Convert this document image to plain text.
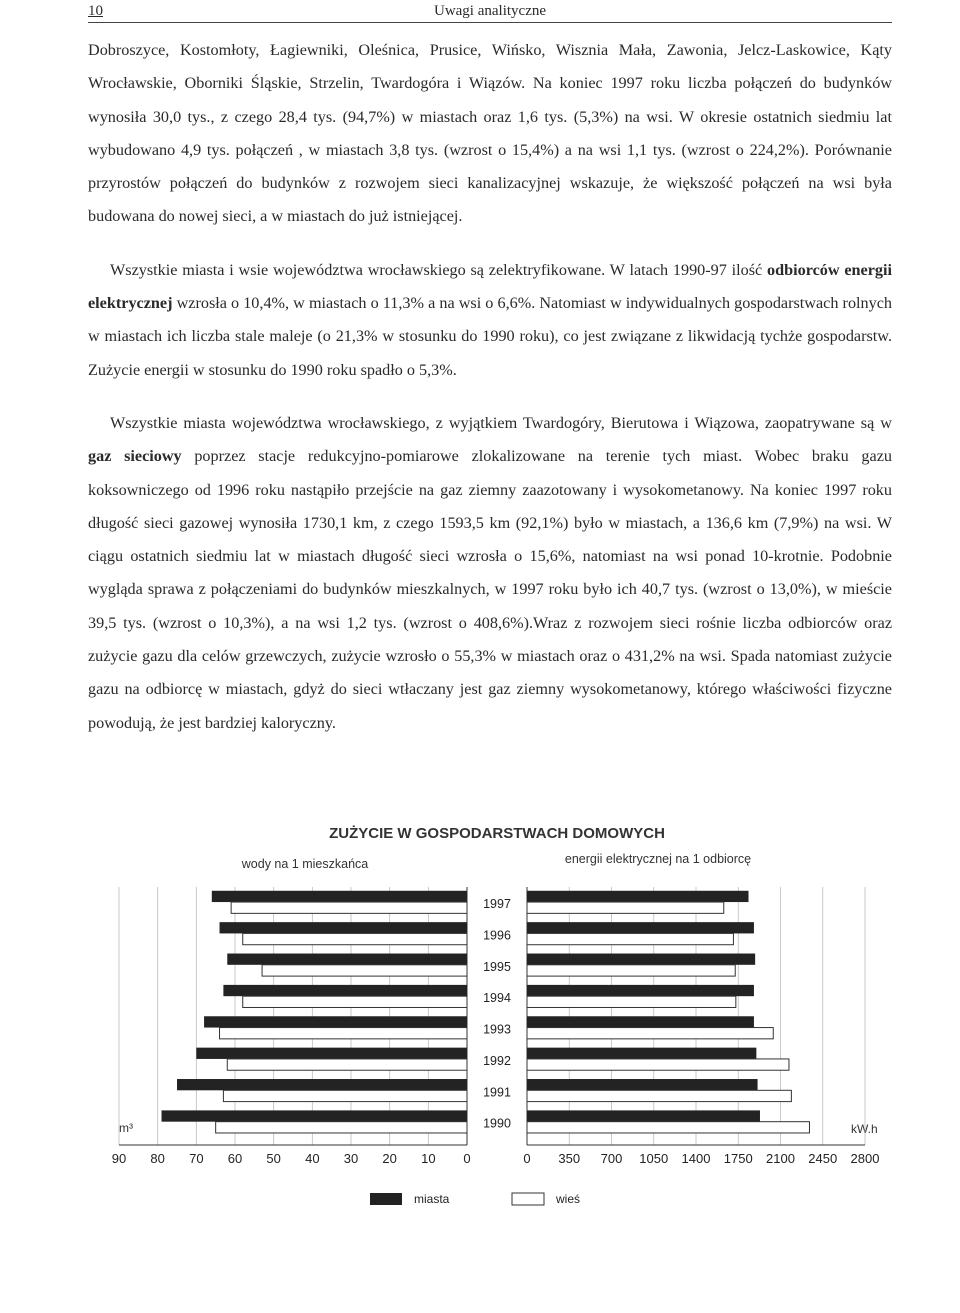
10	Uwagi analityczne

Dobroszyce, Kostomłoty, Łagiewniki, Oleśnica, Prusice, Wińsko, Wisznia Mała, Zawonia, Jelcz-Laskowice, Kąty Wrocławskie, Oborniki Śląskie, Strzelin, Twardogóra i Wiązów. Na koniec 1997 roku liczba połączeń do budynków wynosiła 30,0 tys., z czego 28,4 tys. (94,7%) w miastach oraz 1,6 tys. (5,3%) na wsi. W okresie ostatnich siedmiu lat wybudowano 4,9 tys. połączeń , w miastach 3,8 tys. (wzrost o 15,4%) a na wsi 1,1 tys. (wzrost o 224,2%). Porównanie przyrostów połączeń do budynków z rozwojem sieci kanalizacyjnej wskazuje, że większość połączeń na wsi była budowana do nowej sieci, a w miastach do już istniejącej.

Wszystkie miasta i wsie województwa wrocławskiego są zelektryfikowane. W latach 1990-97 ilość odbiorców energii elektrycznej wzrosła o 10,4%, w miastach o 11,3% a na wsi o 6,6%. Natomiast w indywidualnych gospodarstwach rolnych w miastach ich liczba stale maleje (o 21,3% w stosunku do 1990 roku), co jest związane z likwidacją tychże gospodarstw. Zużycie energii w stosunku do 1990 roku spadło o 5,3%.

Wszystkie miasta województwa wrocławskiego, z wyjątkiem Twardogóry, Bierutowa i Wiązowa, zaopatrywane są w gaz sieciowy poprzez stacje redukcyjno-pomiarowe zlokalizowane na terenie tych miast. Wobec braku gazu koksowniczego od 1996 roku nastąpiło przejście na gaz ziemny zaazotowany i wysokometanowy. Na koniec 1997 roku długość sieci gazowej wynosiła 1730,1 km, z czego 1593,5 km (92,1%) było w miastach, a 136,6 km (7,9%) na wsi. W ciągu ostatnich siedmiu lat w miastach długość sieci wzrosła o 15,6%, natomiast na wsi ponad 10-krotnie. Podobnie wygląda sprawa z połączeniami do budynków mieszkalnych, w 1997 roku było ich 40,7 tys. (wzrost o 13,0%), w mieście 39,5 tys. (wzrost o 10,3%), a na wsi 1,2 tys. (wzrost o 408,6%).Wraz z rozwojem sieci rośnie liczba odbiorców oraz zużycie gazu dla celów grzewczych, zużycie wzrosło o 55,3% w miastach oraz o 431,2% na wsi. Spada natomiast zużycie gazu na odbiorcę w miastach, gdyż do sieci wtłaczany jest gaz ziemny wysokometanowy, którego właściwości fizyczne powodują, że jest bardziej kaloryczny.

ZUŻYCIE W GOSPODARSTWACH DOMOWYCH
wody na 1 mieszkańca	energii elektrycznej na 1 odbiorcę
m³	kW.h
90 80 70 60 50 40 30 20 10 0	0 350 700 1050 1400 1750 2100 2450 2800
1997
1996
1995
1994
1993
1992
1991
1990
miasta	wieś
